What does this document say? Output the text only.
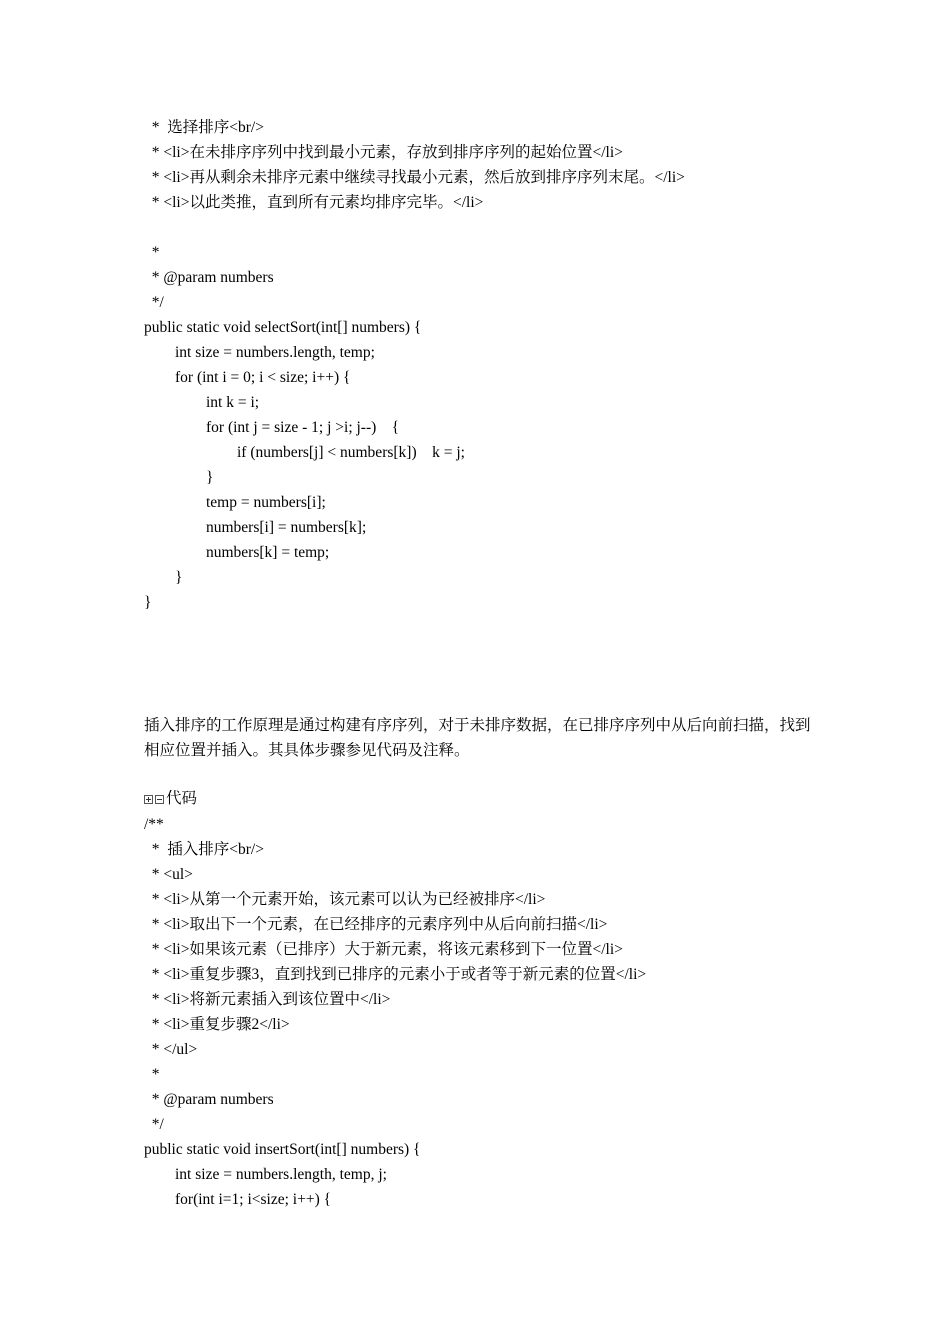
*  选择排序<br/>
* <li>在未排序序列中找到最小元素，存放到排序序列的起始位置</li>
* <li>再从剩余未排序元素中继续寻找最小元素，然后放到排序序列末尾。</li>
* <li>以此类推，直到所有元素均排序完毕。</li>
*
* @param numbers
*/
public static void selectSort(int[] numbers) {
int size = numbers.length, temp;
for (int i = 0; i < size; i++) {
int k = i;
for (int j = size - 1; j >i; j--)    {
if (numbers[j] < numbers[k])    k = j;
}
temp = numbers[i];
numbers[i] = numbers[k];
numbers[k] = temp;
}
}
插入排序的工作原理是通过构建有序序列，对于未排序数据，在已排序序列中从后向前扫描，找到相应位置并插入。其具体步骤参见代码及注释。
代码
/**
*  插入排序<br/>
* <ul>
* <li>从第一个元素开始，该元素可以认为已经被排序</li>
* <li>取出下一个元素，在已经排序的元素序列中从后向前扫描</li>
* <li>如果该元素（已排序）大于新元素，将该元素移到下一位置</li>
* <li>重复步骤3，直到找到已排序的元素小于或者等于新元素的位置</li>
* <li>将新元素插入到该位置中</li>
* <li>重复步骤2</li>
* </ul>
*
* @param numbers
*/
public static void insertSort(int[] numbers) {
int size = numbers.length, temp, j;
for(int i=1; i<size; i++) {
